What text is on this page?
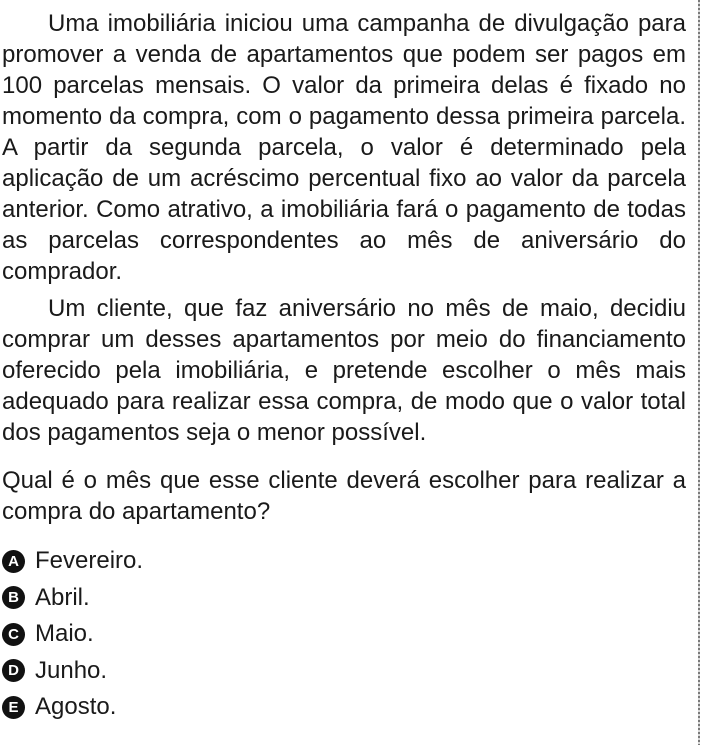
Uma imobiliária iniciou uma campanha de divulgação para promover a venda de apartamentos que podem ser pagos em 100 parcelas mensais. O valor da primeira delas é fixado no momento da compra, com o pagamento dessa primeira parcela. A partir da segunda parcela, o valor é determinado pela aplicação de um acréscimo percentual fixo ao valor da parcela anterior. Como atrativo, a imobiliária fará o pagamento de todas as parcelas correspondentes ao mês de aniversário do comprador.

Um cliente, que faz aniversário no mês de maio, decidiu comprar um desses apartamentos por meio do financiamento oferecido pela imobiliária, e pretende escolher o mês mais adequado para realizar essa compra, de modo que o valor total dos pagamentos seja o menor possível.

Qual é o mês que esse cliente deverá escolher para realizar a compra do apartamento?

A Fevereiro.
B Abril.
C Maio.
D Junho.
E Agosto.
